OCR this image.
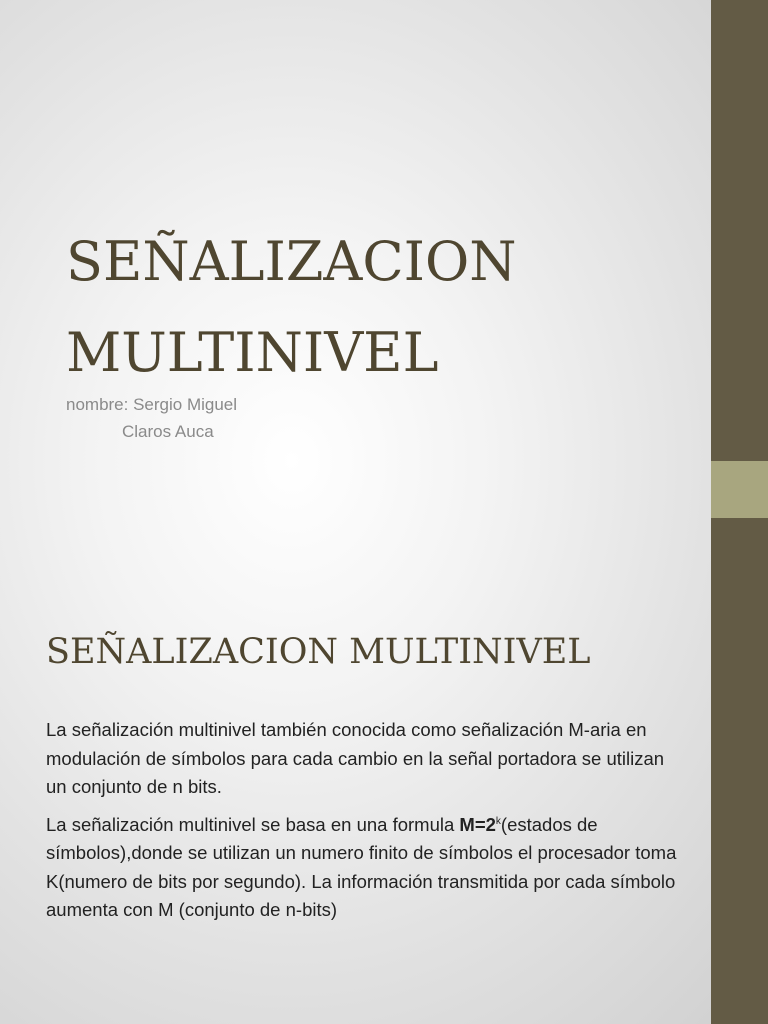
SEÑALIZACION
MULTINIVEL
nombre: Sergio Miguel
Claros Auca
SEÑALIZACION MULTINIVEL

La señalización multinivel también conocida como señalización M-aria en modulación de símbolos para cada cambio en la señal portadora se utilizan un conjunto de n bits.

La señalización multinivel se basa en una formula $M=2^k(estados$ de símbolos),donde se utilizan un numero finito de símbolos el procesador toma K(numero de bits por segundo). La información transmitida por cada símbolo aumenta con M (conjunto de n-bits)
